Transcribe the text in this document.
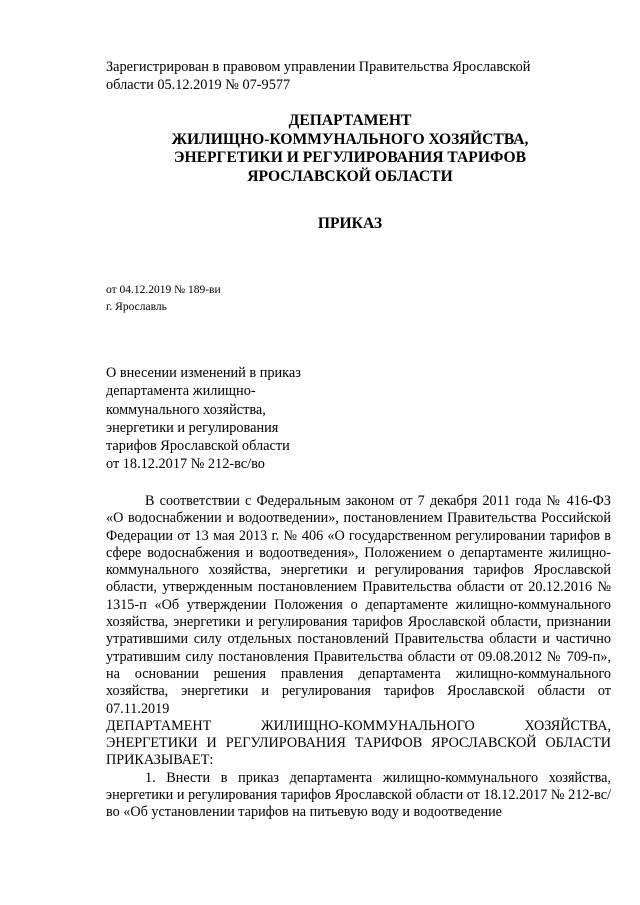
Зарегистрирован в правовом управлении Правительства Ярославской области 05.12.2019 № 07-9577
ДЕПАРТАМЕНТ
ЖИЛИЩНО-КОММУНАЛЬНОГО ХОЗЯЙСТВА,
ЭНЕРГЕТИКИ И РЕГУЛИРОВАНИЯ ТАРИФОВ
ЯРОСЛАВСКОЙ ОБЛАСТИ
ПРИКАЗ
от 04.12.2019 № 189-ви
г. Ярославль
О внесении изменений в приказ
департамента жилищно-
коммунального хозяйства,
энергетики и регулирования
тарифов Ярославской области
от 18.12.2017 № 212-вс/во

В соответствии с Федеральным законом от 7 декабря 2011 года № 416-ФЗ «О водоснабжении и водоотведении», постановлением Правительства Российской Федерации от 13 мая 2013 г. № 406 «О государственном регулировании тарифов в сфере водоснабжения и водоотведения», Положением о департаменте жилищно-коммунального хозяйства, энергетики и регулирования тарифов Ярославской области, утвержденным постановлением Правительства области от 20.12.2016 № 1315-п «Об утверждении Положения о департаменте жилищно-коммунального хозяйства, энергетики и регулирования тарифов Ярославской области, признании утратившими силу отдельных постановлений Правительства области и частично утратившим силу постановления Правительства области от 09.08.2012 № 709-п», на основании решения правления департамента жилищно-коммунального хозяйства, энергетики и регулирования тарифов Ярославской области от 07.11.2019

ДЕПАРТАМЕНТ ЖИЛИЩНО-КОММУНАЛЬНОГО ХОЗЯЙСТВА, ЭНЕРГЕТИКИ И РЕГУЛИРОВАНИЯ ТАРИФОВ ЯРОСЛАВСКОЙ ОБЛАСТИ ПРИКАЗЫВАЕТ:

1. Внести в приказ департамента жилищно-коммунального хозяйства, энергетики и регулирования тарифов Ярославской области от 18.12.2017 № 212-вс/во «Об установлении тарифов на питьевую воду и водоотведение
